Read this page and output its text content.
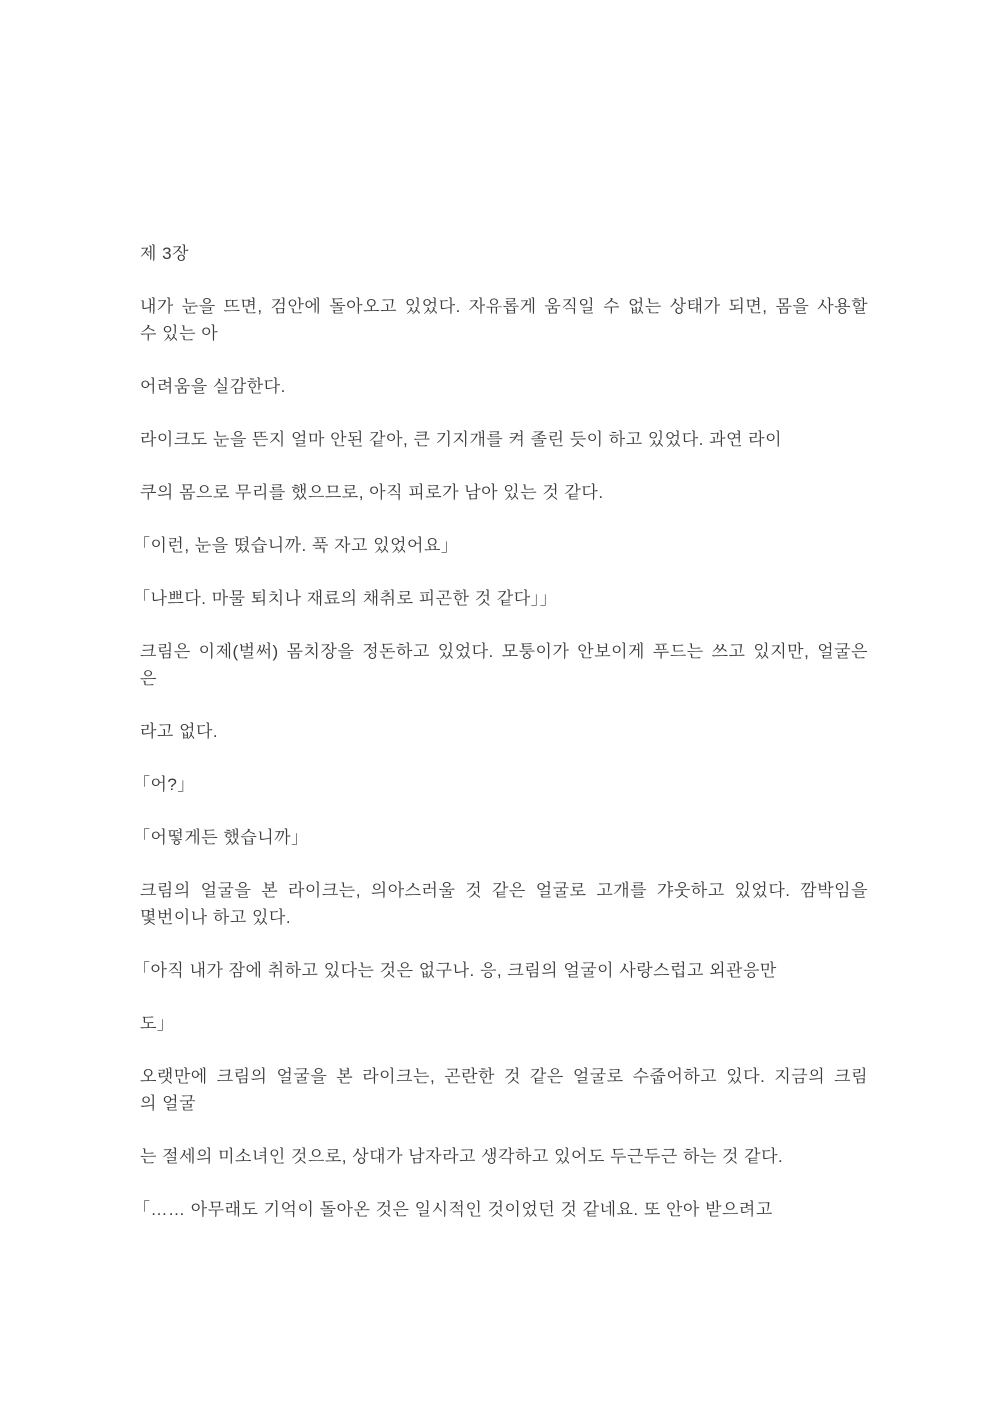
제 3장

내가 눈을 뜨면, 검안에 돌아오고 있었다. 자유롭게 움직일 수 없는 상태가 되면, 몸을 사용할
수 있는 아

어려움을 실감한다.

라이크도 눈을 뜬지 얼마 안된 같아, 큰 기지개를 켜 졸린 듯이 하고 있었다. 과연 라이

쿠의 몸으로 무리를 했으므로, 아직 피로가 남아 있는 것 같다.

「이런, 눈을 떴습니까. 푹 자고 있었어요」

「나쁘다. 마물 퇴치나 재료의 채취로 피곤한 것 같다」」

크림은 이제(벌써) 몸치장을 정돈하고 있었다. 모퉁이가 안보이게 푸드는 쓰고 있지만, 얼굴은
은

라고 없다.

「어?」

「어떻게든 했습니까」

크림의 얼굴을 본 라이크는, 의아스러울 것 같은 얼굴로 고개를 갸웃하고 있었다. 깜박임을
몇번이나 하고 있다.

「아직 내가 잠에 취하고 있다는 것은 없구나. 응, 크림의 얼굴이 사랑스럽고 외관응만

도」

오랫만에 크림의 얼굴을 본 라이크는, 곤란한 것 같은 얼굴로 수줍어하고 있다. 지금의 크림
의 얼굴

는 절세의 미소녀인 것으로, 상대가 남자라고 생각하고 있어도 두근두근 하는 것 같다.

「…… 아무래도 기억이 돌아온 것은 일시적인 것이었던 것 같네요. 또 안아 받으려고
